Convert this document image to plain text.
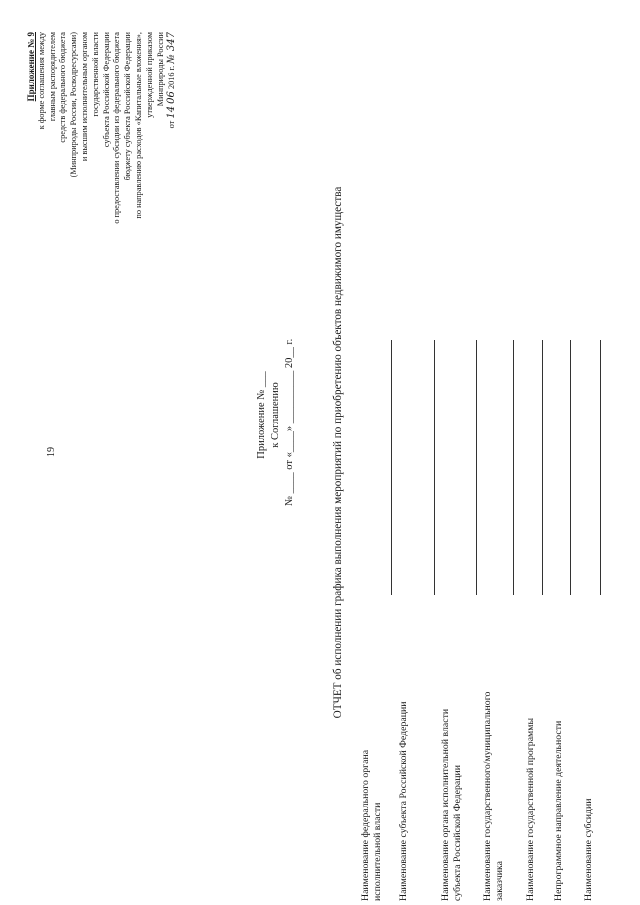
19
Приложение № 9 к форме соглашения между главным распорядителем средств федерального бюджета (Минприроды России, Росводресурсами) и высшим исполнительным органом государственной власти субъекта Российской Федерации о предоставлении субсидии из федерального бюджета бюджету субъекта Российской Федерации по направлению расходов «Капитальные вложения», утвержденной приказом Минприроды России
от 14 06 2016 г. № 347
Приложение № ___ к Соглашению № ____ от «____» __________ 20__ г.	ОТЧЕТ об исполнении графика выполнения мероприятий по приобретению объектов недвижимого имущества
Наименование федерального органа исполнительной власти Наименование субъекта Российской Федерации	Наименование органа исполнительной власти субъекта Российской Федерации Наименование государственного/муниципального заказчика Наименование государственной программы Непрограммное направление деятельности Наименование субсидии
